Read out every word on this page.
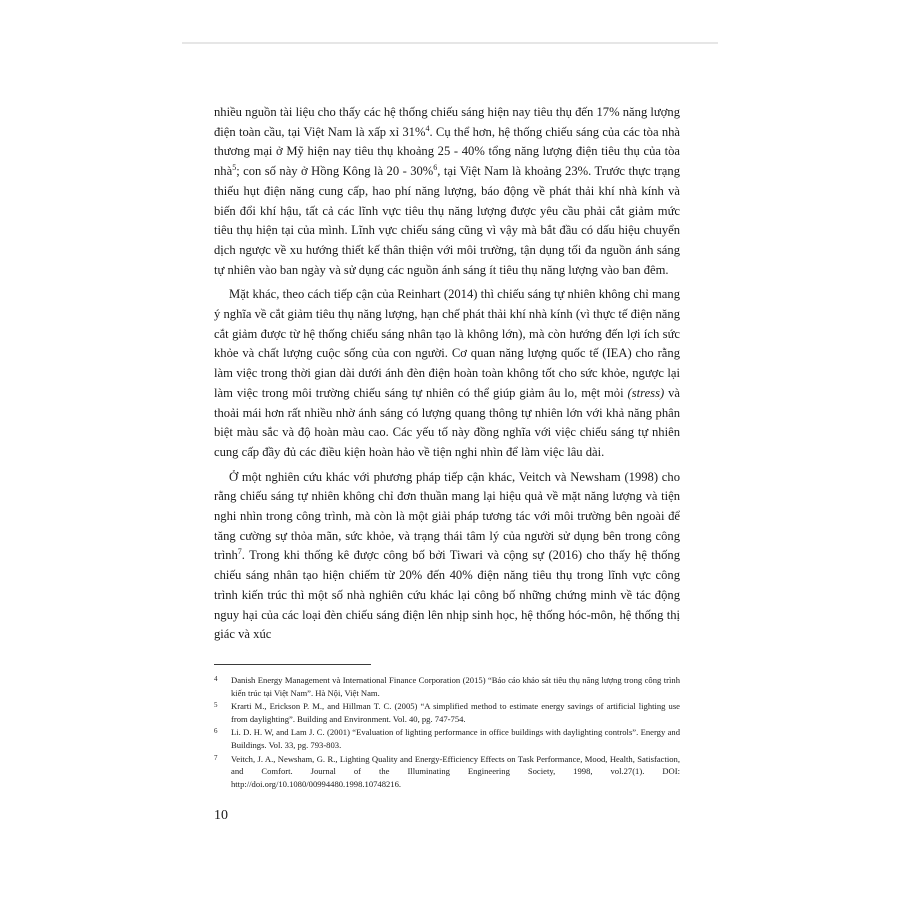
nhiều nguồn tài liệu cho thấy các hệ thống chiếu sáng hiện nay tiêu thụ đến 17% năng lượng điện toàn cầu, tại Việt Nam là xấp xỉ 31%$^4$. Cụ thể hơn, hệ thống chiếu sáng của các tòa nhà thương mại ở Mỹ hiện nay tiêu thụ khoảng 25 - 40% tổng năng lượng điện tiêu thụ của tòa nhà$^5$; con số này ở Hồng Kông là 20 - 30%$^6$, tại Việt Nam là khoảng 23%. Trước thực trạng thiếu hụt điện năng cung cấp, hao phí năng lượng, báo động về phát thải khí nhà kính và biến đổi khí hậu, tất cả các lĩnh vực tiêu thụ năng lượng được yêu cầu phải cắt giảm mức tiêu thụ hiện tại của mình. Lĩnh vực chiếu sáng cũng vì vậy mà bắt đầu có dấu hiệu chuyển dịch ngược về xu hướng thiết kế thân thiện với môi trường, tận dụng tối đa nguồn ánh sáng tự nhiên vào ban ngày và sử dụng các nguồn ánh sáng ít tiêu thụ năng lượng vào ban đêm.

Mặt khác, theo cách tiếp cận của Reinhart (2014) thì chiếu sáng tự nhiên không chỉ mang ý nghĩa về cắt giảm tiêu thụ năng lượng, hạn chế phát thải khí nhà kính (vì thực tế điện năng cắt giảm được từ hệ thống chiếu sáng nhân tạo là không lớn), mà còn hướng đến lợi ích sức khỏe và chất lượng cuộc sống của con người. Cơ quan năng lượng quốc tế (IEA) cho rằng làm việc trong thời gian dài dưới ánh đèn điện hoàn toàn không tốt cho sức khỏe, ngược lại làm việc trong môi trường chiếu sáng tự nhiên có thể giúp giảm âu lo, mệt mỏi (stress) và thoải mái hơn rất nhiều nhờ ánh sáng có lượng quang thông tự nhiên lớn với khả năng phân biệt màu sắc và độ hoàn màu cao. Các yếu tố này đồng nghĩa với việc chiếu sáng tự nhiên cung cấp đầy đủ các điều kiện hoàn hảo về tiện nghi nhìn để làm việc lâu dài.

Ở một nghiên cứu khác với phương pháp tiếp cận khác, Veitch và Newsham (1998) cho rằng chiếu sáng tự nhiên không chỉ đơn thuần mang lại hiệu quả về mặt năng lượng và tiện nghi nhìn trong công trình, mà còn là một giải pháp tương tác với môi trường bên ngoài để tăng cường sự thỏa mãn, sức khỏe, và trạng thái tâm lý của người sử dụng bên trong công trình$^7$. Trong khi thống kê được công bố bởi Tiwari và cộng sự (2016) cho thấy hệ thống chiếu sáng nhân tạo hiện chiếm từ 20% đến 40% điện năng tiêu thụ trong lĩnh vực công trình kiến trúc thì một số nhà nghiên cứu khác lại công bố những chứng minh về tác động nguy hại của các loại đèn chiếu sáng điện lên nhịp sinh học, hệ thống hóc-môn, hệ thống thị giác và xúc

4	Danish Energy Management và International Finance Corporation (2015) “Báo cáo khảo sát tiêu thụ năng lượng trong công trình kiến trúc tại Việt Nam”. Hà Nội, Việt Nam.
5	Krarti M., Erickson P. M., and Hillman T. C. (2005) “A simplified method to estimate energy savings of artificial lighting use from daylighting”. Building and Environment. Vol. 40, pg. 747-754.
6	Li. D. H. W, and Lam J. C. (2001) “Evaluation of lighting performance in office buildings with daylighting controls”. Energy and Buildings. Vol. 33, pg. 793-803.
7	Veitch, J. A., Newsham, G. R., Lighting Quality and Energy-Efficiency Effects on Task Performance, Mood, Health, Satisfaction, and Comfort. Journal of the Illuminating Engineering Society, 1998, vol.27(1). DOI: http://doi.org/10.1080/00994480.1998.10748216.
10
